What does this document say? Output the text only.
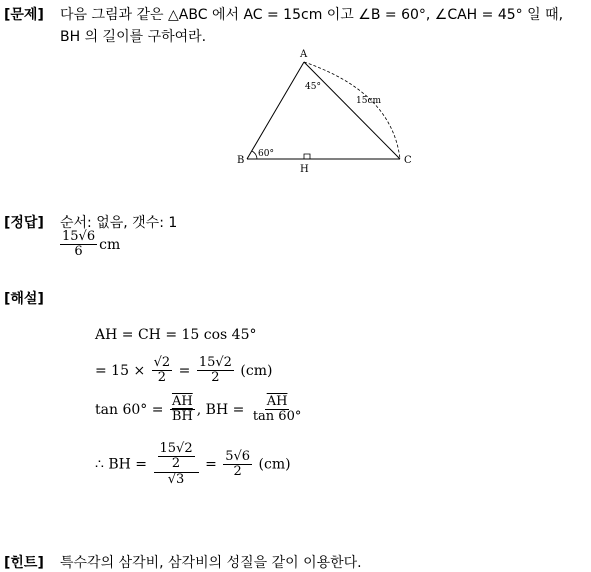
[문제] 다음 그림과 같은 △ABC 에서 AC = 15cm 이고 ∠B = 60°, ∠CAH = 45° 일 때,
BH 의 길이를 구하여라.
A
B	C
H
60°
45°
15cm
[정답] 순서: 없음, 갯수: 1
$\frac{15√6}{6}$ cm
[해설]
AH = CH = 15 cos 45°
= $15 \times \frac{√2}{2} = \frac{15√2}{2} (cm)$
$\tan 60^\circ = \frac{\overline{AH}}{BH}$ , BH = $\frac{\overline{AH}}{\tan 60^\circ}$
∴ BH = $\frac{\frac{15√2}{2}}{√3} = \frac{5√6}{2} (cm)$
[힌트] 특수각의 삼각비, 삼각비의 성질을 같이 이용한다.
